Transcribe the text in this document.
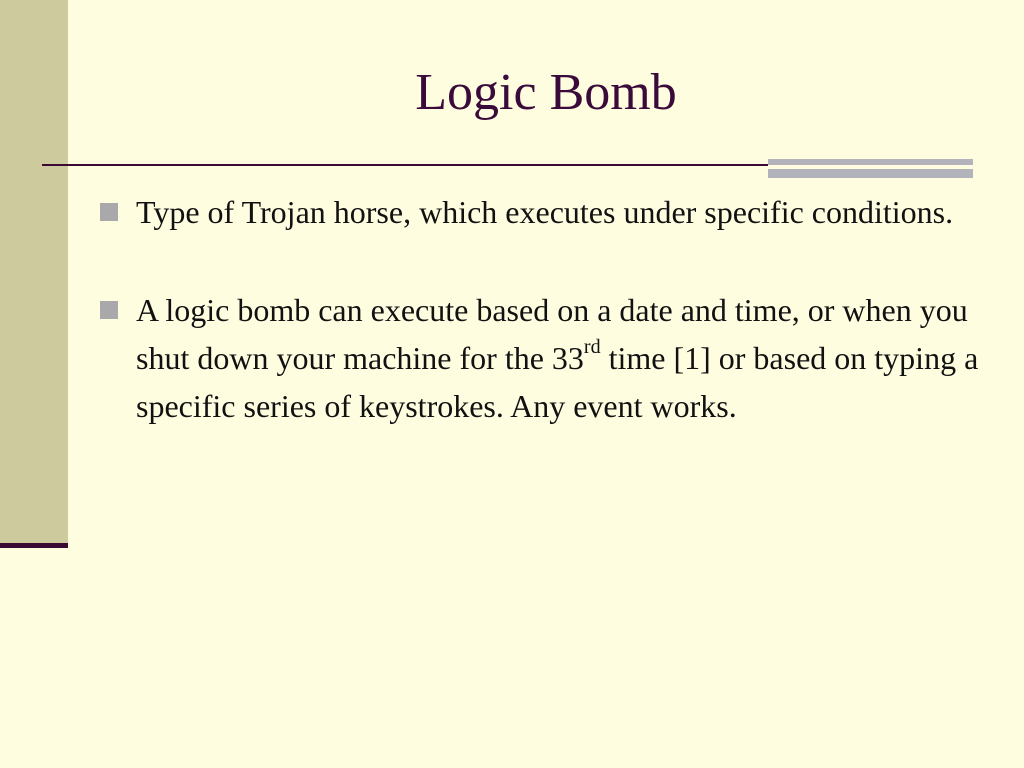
Logic Bomb
Type of Trojan horse, which executes under specific conditions.
A logic bomb can execute based on a date and time, or when you shut down your machine for the 33rd time [1] or based on typing a specific series of keystrokes. Any event works.
